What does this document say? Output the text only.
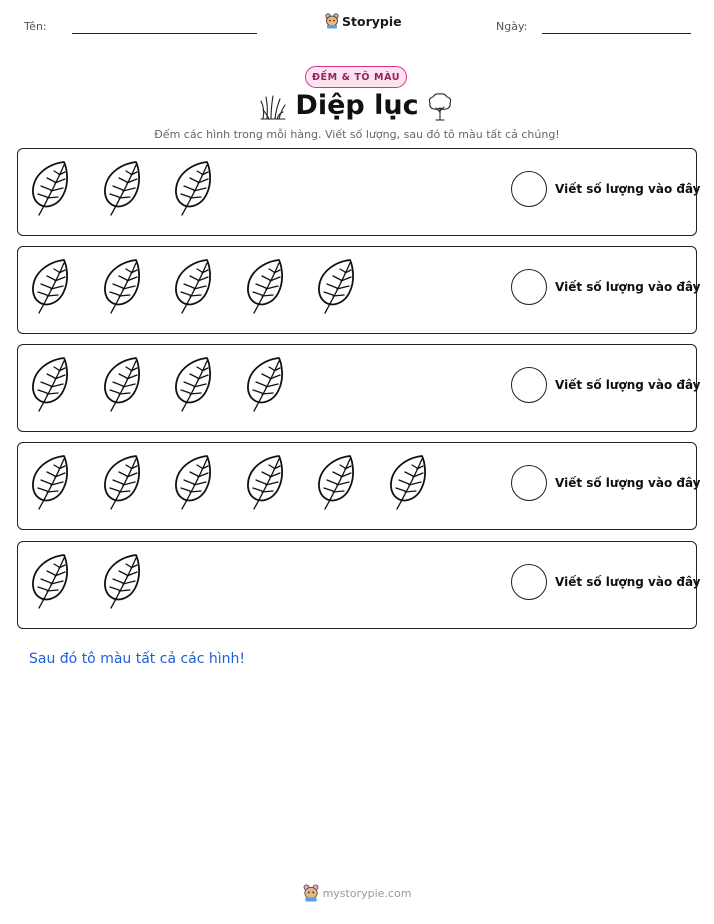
Tên:	Storypie	Ngày:
ĐẾM & TÔ MÀU
Diệp lục
Đếm các hình trong mỗi hàng. Viết số lượng, sau đó tô màu tất cả chúng!
Viết số lượng vào đây
Viết số lượng vào đây
Viết số lượng vào đây
Viết số lượng vào đây
Viết số lượng vào đây
Sau đó tô màu tất cả các hình!
mystorypie.com
